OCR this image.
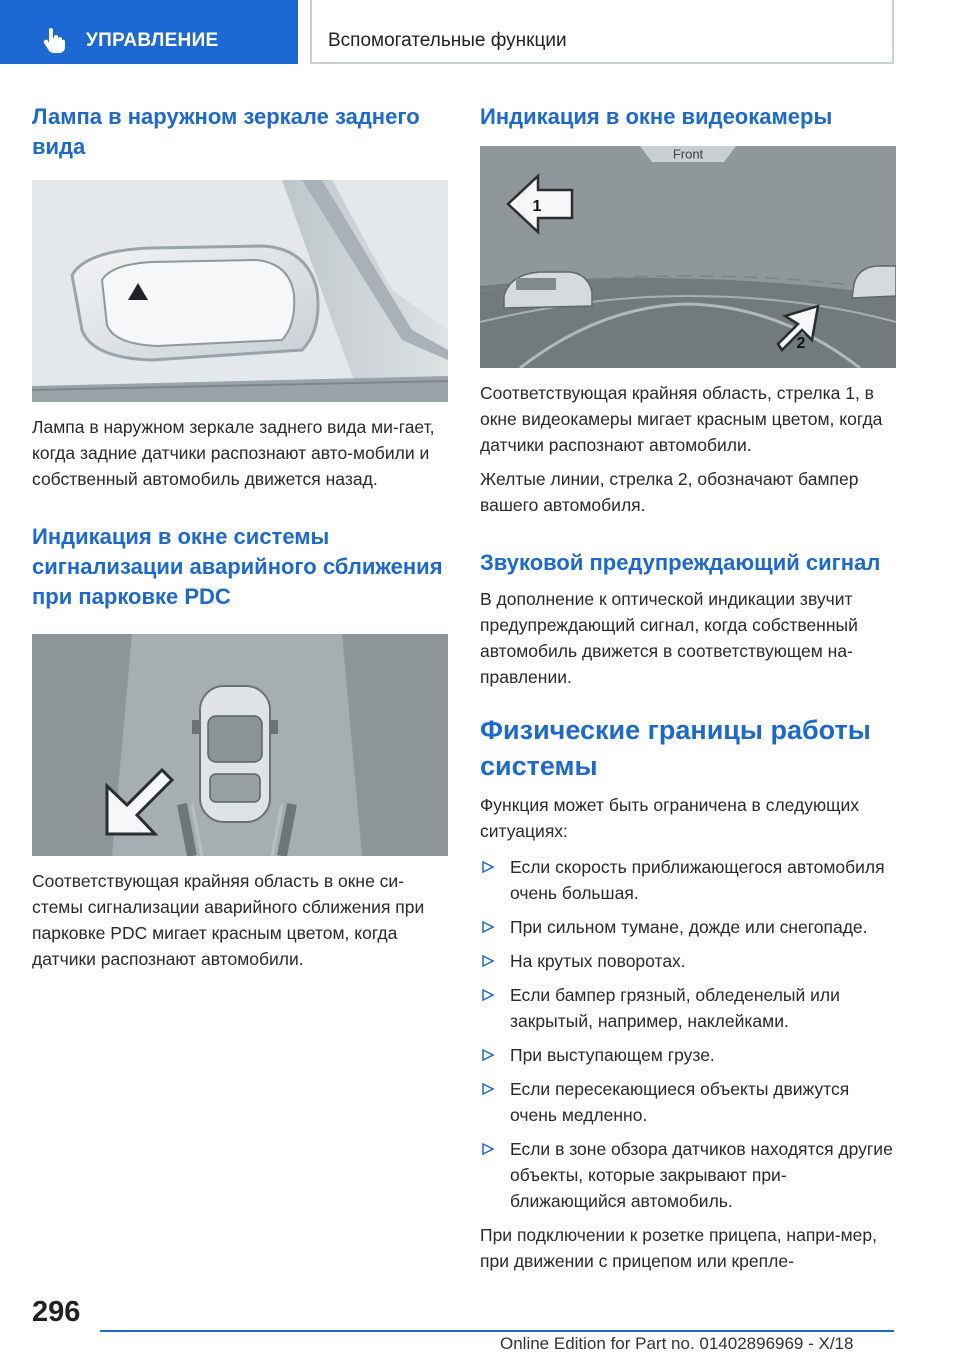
УПРАВЛЕНИЕ	Вспомогательные функции
Лампа в наружном зеркале заднего вида

Лампа в наружном зеркале заднего вида ми-гает, когда задние датчики распознают авто-мобили и собственный автомобиль движется назад.

Индикация в окне системы сигнализации аварийного сближения при парковке PDC

Соответствующая крайняя область в окне си-стемы сигнализации аварийного сближения при парковке PDC мигает красным цветом, когда датчики распознают автомобили.

Индикация в окне видеокамеры
Front
1
2

Соответствующая крайняя область, стрелка 1, в окне видеокамеры мигает красным цветом, когда датчики распознают автомобили.

Желтые линии, стрелка 2, обозначают бампер вашего автомобиля.

Звуковой предупреждающий сигнал

В дополнение к оптической индикации звучит предупреждающий сигнал, когда собственный автомобиль движется в соответствующем на-правлении.

Физические границы работы системы

Функция может быть ограничена в следующих ситуациях:

Если скорость приближающегося автомобиля очень большая.
При сильном тумане, дожде или снегопаде.
На крутых поворотах.
Если бампер грязный, обледенелый или закрытый, например, наклейками.
При выступающем грузе.
Если пересекающиеся объекты движутся очень медленно.
Если в зоне обзора датчиков находятся другие объекты, которые закрывают при-ближающийся автомобиль.

При подключении к розетке прицепа, напри-мер, при движении с прицепом или крепле-

296
Online Edition for Part no. 01402896969 - X/18
